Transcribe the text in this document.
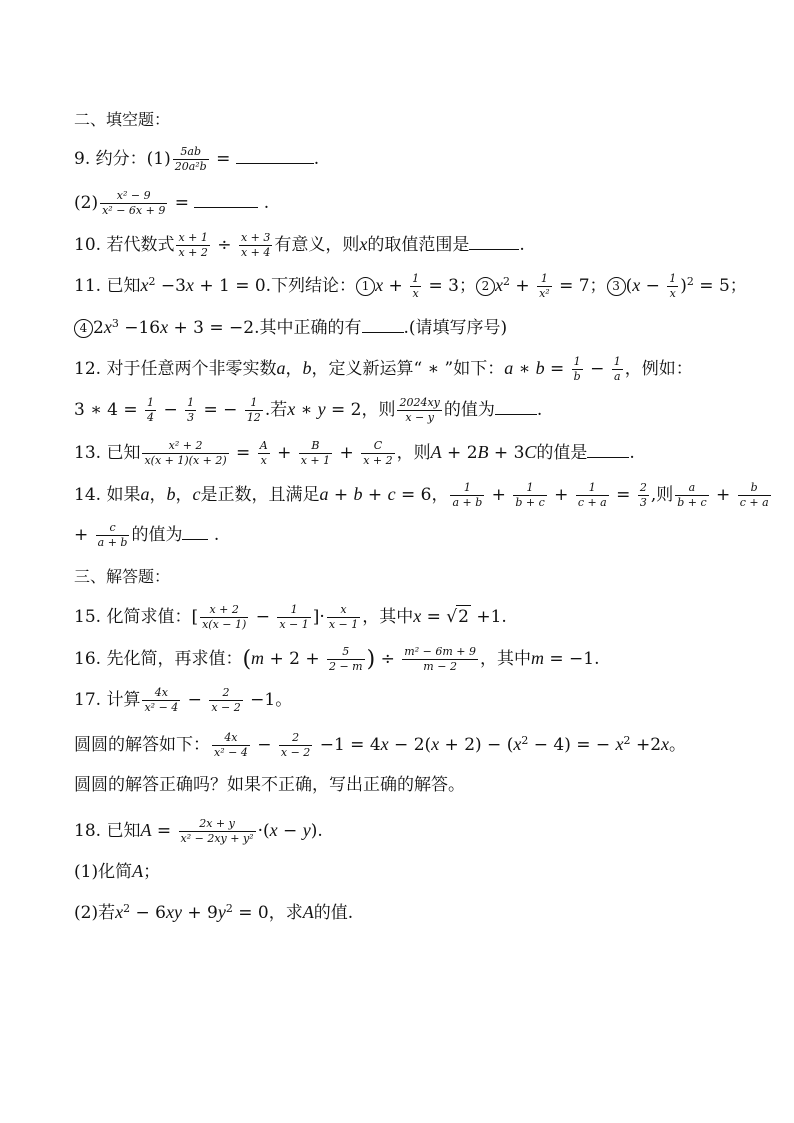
二、填空题：
9. 约分：$(1) \frac{5ab}{\text{20a²b}}$ =	.
$(2) \frac{\text{x² − 9}}{\text{x² − 6x + 9}}$ =	.
10. 若代数式 $\frac{x + 1}{x + 2} \div \frac{x + 3}{x + 4}$ 有意义，则x的取值范围是	.
11. 已知$x^2 -3x + 1 = 0$.下列结论： 1 $x + \frac{1}{x} = 3$； 2 $x^2 + \frac{1}{\text{x²}} = 7$； 3 $(x - \frac{1}{x} )^2 = 5$；
4 $2x^3 -16x + 3 = -2$.其中正确的有 .(请填写序号)
12. 对于任意两个非零实数a，b，定义新运算“ ∗ ”如下：a ∗ $b = \frac{1}{b} - \frac{1}{a}$ ，例如：
3 ∗ $4 = \frac{1}{4} - \frac{1}{3}$ = − $\frac{1}{12}$ .若x ∗ y = 2，则 $\frac{2024xy}{x - y}$ 的值为 .
13. 已知 $\frac{\text{x² + 2}}{x(x + 1)(x + 2)} = \frac{A}{x} + \frac{B}{x + 1} + \frac{C}{x + 2}$ ，则A + 2B + 3C的值是 .
14. 如果a，b，c是正数，且满足a + b + c = 6， $\frac{1}{a + b} + \frac{1}{b + c} + \frac{1}{c + a} = \frac{2}{3}$ ,则 $\frac{a}{b + c} + \frac{b}{c + a}$
+ $\frac{c}{a + b}$ 的值为 .
三、解答题：
15. 化简求值：[ $\frac{x + 2}{x(x - 1)} - \frac{1}{x - 1}$ ]· $\frac{x}{x - 1}$ ，其中x = √2 +1.
16. 先化简，再求值：($m + 2 + \frac{5}{2 - m}$ ) ÷ $\frac{\text{m² − 6m + 9}}{m - 2}$ ，其中m = −1.
17. 计算 $\frac{4x}{\text{x² − 4}} - \frac{2}{x - 2} -1$。
圆圆的解答如下： $\frac{4x}{\text{x² − 4}} - \frac{2}{x - 2} -1 = 4x - 2(x + 2) - (x^2 - 4)$ = − $x^2 +2x$。
圆圆的解答正确吗？如果不正确，写出正确的解答。
18. 已知$A = \frac{2x + y}{\text{x² − 2xy + y²}} \cdot(x - y)$.
(1)化简A；
(2)若$x^2 - 6xy + 9y^2 = 0$，求A的值.
